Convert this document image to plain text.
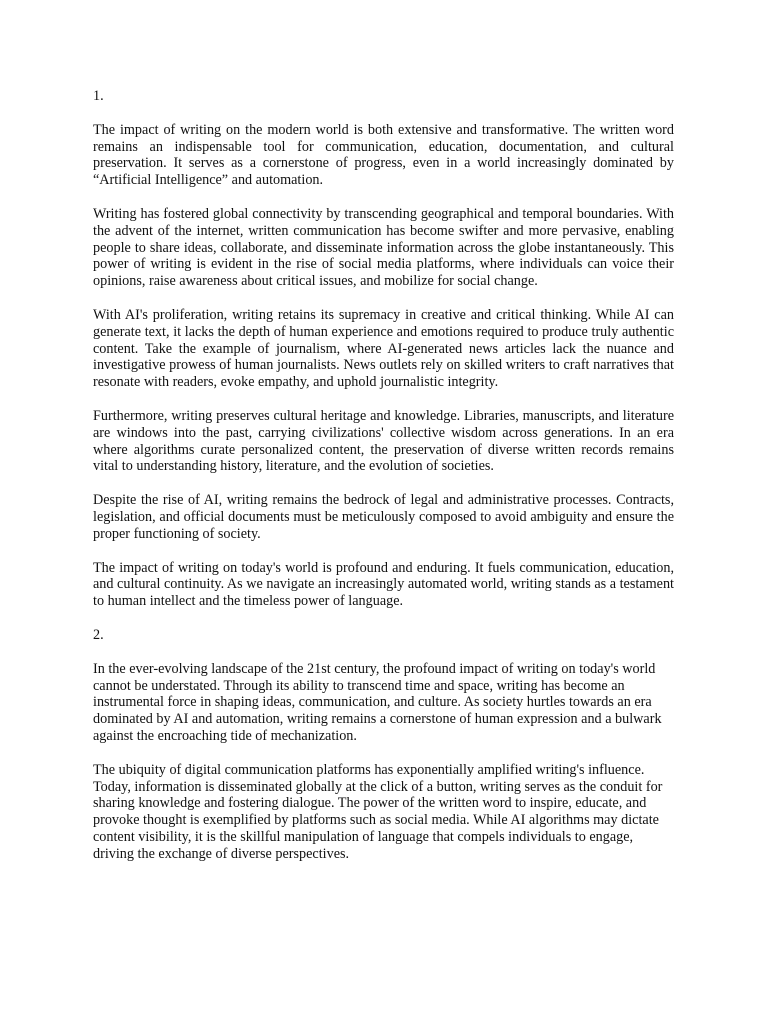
1.

The impact of writing on the modern world is both extensive and transformative. The written word remains an indispensable tool for communication, education, documentation, and cultural preservation. It serves as a cornerstone of progress, even in a world increasingly dominated by “Artificial Intelligence” and automation.

Writing has fostered global connectivity by transcending geographical and temporal boundaries. With the advent of the internet, written communication has become swifter and more pervasive, enabling people to share ideas, collaborate, and disseminate information across the globe instantaneously. This power of writing is evident in the rise of social media platforms, where individuals can voice their opinions, raise awareness about critical issues, and mobilize for social change.

With AI's proliferation, writing retains its supremacy in creative and critical thinking. While AI can generate text, it lacks the depth of human experience and emotions required to produce truly authentic content. Take the example of journalism, where AI-generated news articles lack the nuance and investigative prowess of human journalists. News outlets rely on skilled writers to craft narratives that resonate with readers, evoke empathy, and uphold journalistic integrity.

Furthermore, writing preserves cultural heritage and knowledge. Libraries, manuscripts, and literature are windows into the past, carrying civilizations' collective wisdom across generations. In an era where algorithms curate personalized content, the preservation of diverse written records remains vital to understanding history, literature, and the evolution of societies.

Despite the rise of AI, writing remains the bedrock of legal and administrative processes. Contracts, legislation, and official documents must be meticulously composed to avoid ambiguity and ensure the proper functioning of society.

The impact of writing on today's world is profound and enduring. It fuels communication, education, and cultural continuity. As we navigate an increasingly automated world, writing stands as a testament to human intellect and the timeless power of language.

2.

In the ever-evolving landscape of the 21st century, the profound impact of writing on today's world cannot be understated. Through its ability to transcend time and space, writing has become an instrumental force in shaping ideas, communication, and culture. As society hurtles towards an era dominated by AI and automation, writing remains a cornerstone of human expression and a bulwark against the encroaching tide of mechanization.

The ubiquity of digital communication platforms has exponentially amplified writing's influence. Today, information is disseminated globally at the click of a button, writing serves as the conduit for sharing knowledge and fostering dialogue. The power of the written word to inspire, educate, and provoke thought is exemplified by platforms such as social media. While AI algorithms may dictate content visibility, it is the skillful manipulation of language that compels individuals to engage, driving the exchange of diverse perspectives.
